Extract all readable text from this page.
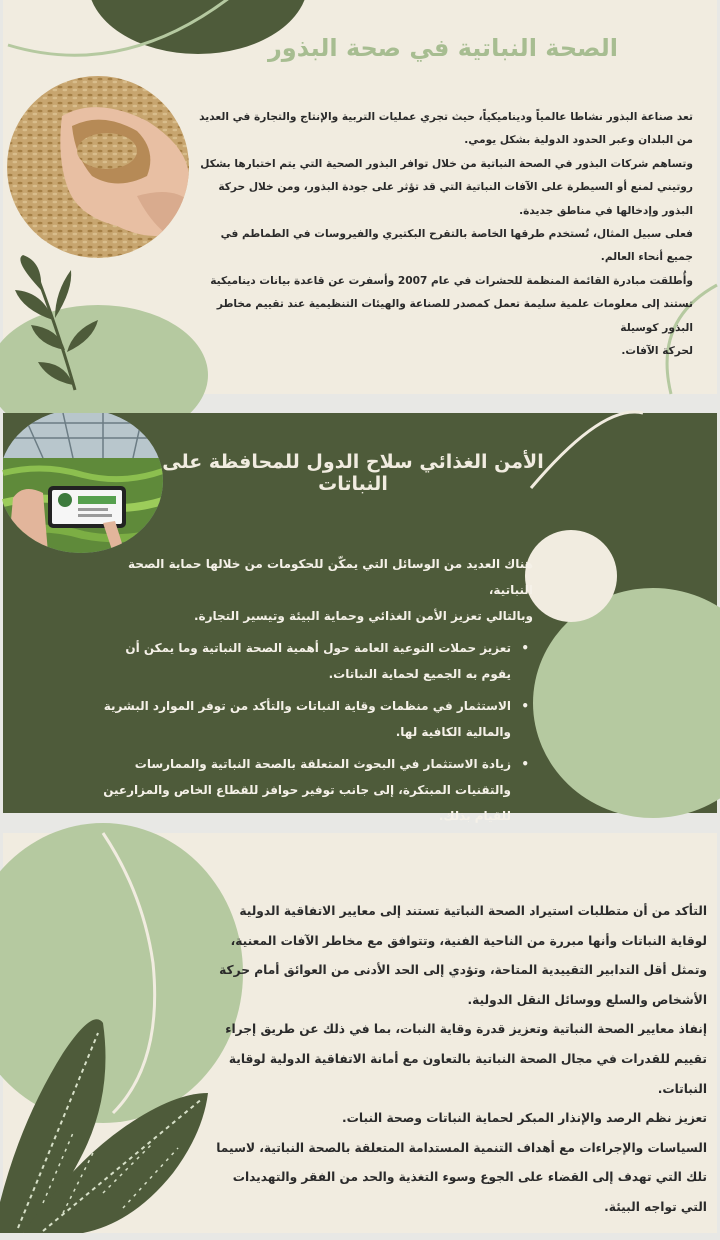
الصحة النباتية في صحة البذور

تعد صناعة البذور نشاطا عالمياً وديناميكياً، حيث تجري عمليات التربية والإنتاج والتجارة في العديد من البلدان وعبر الحدود الدولية بشكل يومي.

وتساهم شركات البذور في الصحة النباتية من خلال توافر البذور الصحية التي يتم اختبارها بشكل روتيني لمنع أو السيطرة على الآفات النباتية التي قد تؤثر على جودة البذور، ومن خلال حركة البذور وإدخالها في مناطق جديدة.

فعلى سبيل المثال، تُستخدم طرقها الخاصة بالتقرح البكتيري والفيروسات في الطماطم في جميع أنحاء العالم.

وأُطلقت مبادرة القائمة المنظمة للحشرات في عام 2007 وأسفرت عن قاعدة بيانات ديناميكية تستند إلى معلومات علمية سليمة تعمل كمصدر للصناعة والهيئات التنظيمية عند تقييم مخاطر البذور كوسيلة

لحركة الآفات.

الأمن الغذائي سلاح الدول للمحافظة على النباتات

هناك العديد من الوسائل التي يمكّن للحكومات من خلالها حماية الصحة النباتية،

وبالتالي تعزيز الأمن الغذائي وحماية البيئة وتيسير التجارة.

•
تعزيز حملات التوعية العامة حول أهمية الصحة النباتية وما يمكن أن يقوم به الجميع لحماية النباتات.
•
الاستثمار في منظمات وقاية النباتات والتأكد من توفر الموارد البشرية والمالية الكافية لها.
•
زيادة الاستثمار في البحوث المتعلقة بالصحة النباتية والممارسات والتقنيات المبتكرة، إلى جانب توفير حوافز للقطاع الخاص والمزارعين للقيام بذلك.

التأكد من أن متطلبات استيراد الصحة النباتية تستند إلى معايير الاتفاقية الدولية لوقاية النباتات وأنها مبررة من الناحية الفنية، وتتوافق مع مخاطر الآفات المعنية، وتمثل أقل التدابير التقييدية المتاحة، وتؤدي إلى الحد الأدنى من العوائق أمام حركة الأشخاص والسلع ووسائل النقل الدولية.

إنفاذ معايير الصحة النباتية وتعزيز قدرة وقاية النبات، بما في ذلك عن طريق إجراء تقييم للقدرات في مجال الصحة النباتية بالتعاون مع أمانة الاتفاقية الدولية لوقاية النباتات.

تعزيز نظم الرصد والإنذار المبكر لحماية النباتات وصحة النبات.

السياسات والإجراءات مع أهداف التنمية المستدامة المتعلقة بالصحة النباتية، لاسيما تلك التي تهدف إلى القضاء على الجوع وسوء التغذية والحد من الفقر والتهديدات التي تواجه البيئة.
